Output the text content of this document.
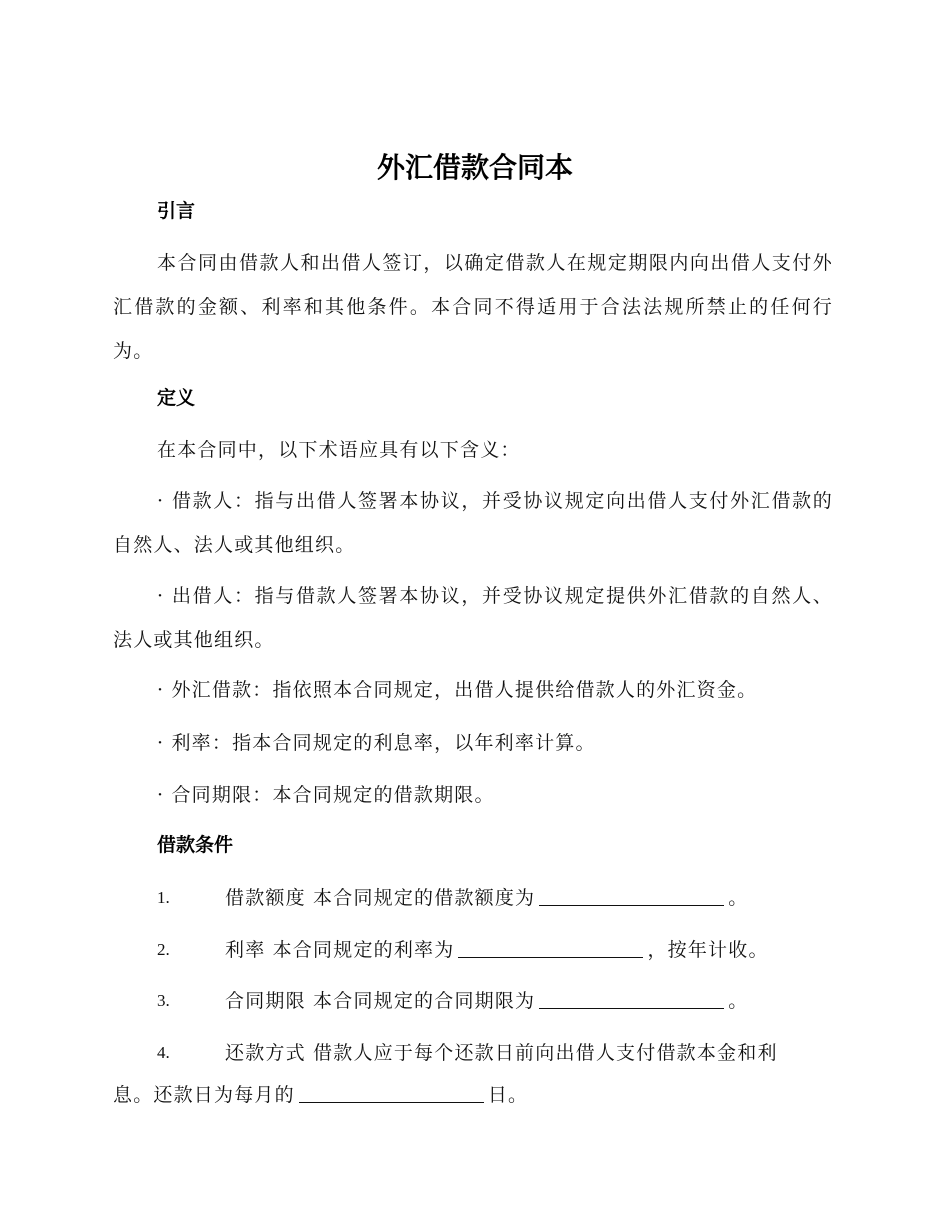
外汇借款合同本
引言
本合同由借款人和出借人签订，以确定借款人在规定期限内向出借人支付外汇借款的金额、利率和其他条件。本合同不得适用于合法法规所禁止的任何行为。
定义
在本合同中，以下术语应具有以下含义：
· 借款人：指与出借人签署本协议，并受协议规定向出借人支付外汇借款的自然人、法人或其他组织。
· 出借人：指与借款人签署本协议，并受协议规定提供外汇借款的自然人、法人或其他组织。
· 外汇借款：指依照本合同规定，出借人提供给借款人的外汇资金。
· 利率：指本合同规定的利息率，以年利率计算。
· 合同期限：本合同规定的借款期限。
借款条件
1.	借款额度 本合同规定的借款额度为	。
2.	利率 本合同规定的利率为	，按年计收。
3.	合同期限 本合同规定的合同期限为	。
4.	还款方式 借款人应于每个还款日前向出借人支付借款本金和利
息。还款日为每月的	日。
